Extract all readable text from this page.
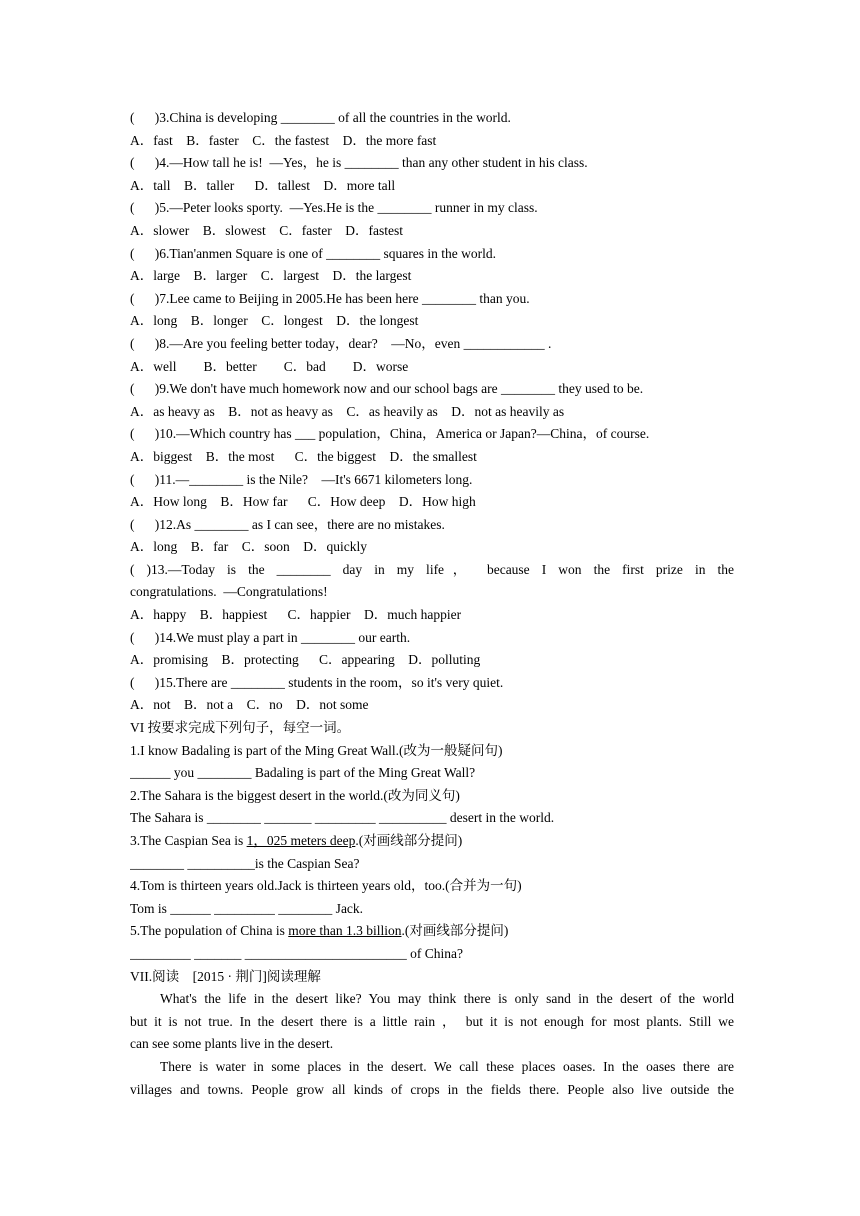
(      )3.China is developing ________ of all the countries in the world.
A．fast    B．faster    C．the fastest    D．the more fast
(      )4.—How tall he is!  —Yes，he is ________ than any other student in his class.
A．tall    B．taller      D．tallest    D．more tall
(      )5.—Peter looks sporty.  —Yes.He is the ________ runner in my class.
A．slower    B．slowest    C．faster    D．fastest
(      )6.Tian'anmen Square is one of ________ squares in the world.
A．large    B．larger    C．largest    D．the largest
(      )7.Lee came to Beijing in 2005.He has been here ________ than you.
A．long    B．longer    C．longest    D．the longest
(      )8.—Are you feeling better today，dear?    —No，even ____________ .
A．well        B．better        C．bad        D．worse
(      )9.We don't have much homework now and our school bags are ________ they used to be.
A．as heavy as    B．not as heavy as    C．as heavily as    D．not as heavily as
(      )10.—Which country has ___ population，China，America or Japan?—China，of course.
A．biggest    B．the most      C．the biggest    D．the smallest
(      )11.—________ is the Nile?    —It's 6671 kilometers long.
A．How long    B．How far      C．How deep    D．How high
(      )12.As ________ as I can see，there are no mistakes.
A．long    B．far    C．soon    D．quickly
( )13.—Today is the ________ day in my life， because I won the first prize in the
congratulations.  —Congratulations!
A．happy    B．happiest      C．happier    D．much happier
(      )14.We must play a part in ________ our earth.
A．promising    B．protecting      C．appearing    D．polluting
(      )15.There are ________ students in the room，so it's very quiet.
A．not    B．not a    C．no    D．not some
VI 按要求完成下列句子，每空一词。
1.I know Badaling is part of the Ming Great Wall.(改为一般疑问句)
______ you ________ Badaling is part of the Ming Great Wall?
2.The Sahara is the biggest desert in the world.(改为同义句)
The Sahara is ________ _______ _________ __________ desert in the world.
3.The Caspian Sea is 1，025 meters deep.(对画线部分提问)
________ __________is the Caspian Sea?
4.Tom is thirteen years old.Jack is thirteen years old，too.(合并为一句)
Tom is ______ _________ ________ Jack.
5.The population of China is more than 1.3 billion.(对画线部分提问)
_________ _______ ________________________ of China?
VII.阅读    [2015 · 荆门]阅读理解
What's the life in the desert like? You may think there is only sand in the desert of the world
but it is not true. In the desert there is a little rain ， but it is not enough for most plants. Still we
can see some plants live in the desert.
There is water in some places in the desert. We call these places oases. In the oases there are
villages and towns. People grow all kinds of crops in the fields there. People also live outside the
